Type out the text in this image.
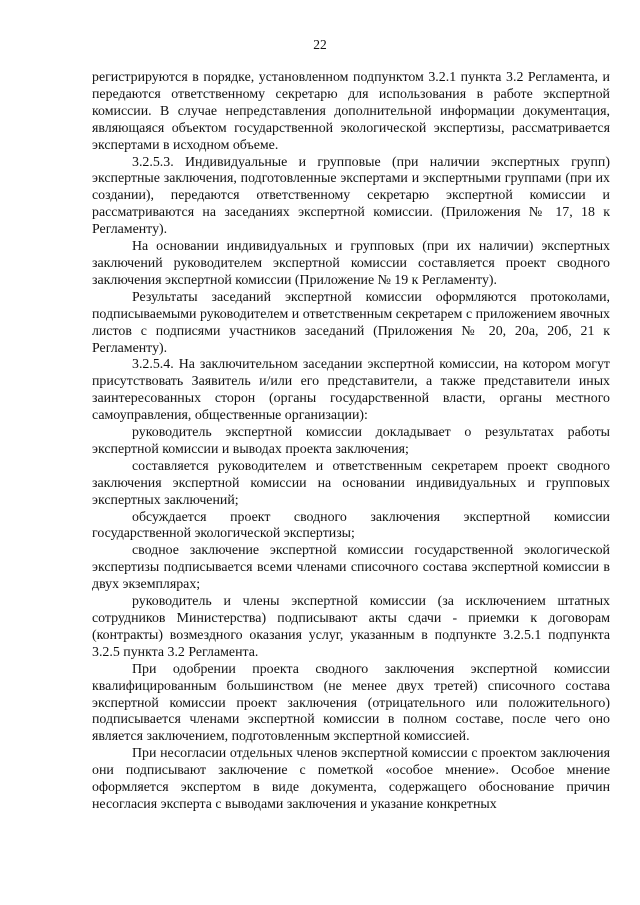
22

регистрируются в порядке, установленном подпунктом 3.2.1 пункта 3.2 Регламента, и передаются ответственному секретарю для использования в работе экспертной комиссии. В случае непредставления дополнительной информации документация, являющаяся объектом государственной экологической экспертизы, рассматривается экспертами в исходном объеме.

3.2.5.3. Индивидуальные и групповые (при наличии экспертных групп) экспертные заключения, подготовленные экспертами и экспертными группами (при их создании), передаются ответственному секретарю экспертной комиссии и рассматриваются на заседаниях экспертной комиссии. (Приложения № 17, 18 к Регламенту).

На основании индивидуальных и групповых (при их наличии) экспертных заключений руководителем экспертной комиссии составляется проект сводного заключения экспертной комиссии (Приложение № 19 к Регламенту).

Результаты заседаний экспертной комиссии оформляются протоколами, подписываемыми руководителем и ответственным секретарем с приложением явочных листов с подписями участников заседаний (Приложения № 20, 20а, 20б, 21 к Регламенту).

3.2.5.4. На заключительном заседании экспертной комиссии, на котором могут присутствовать Заявитель и/или его представители, а также представители иных заинтересованных сторон (органы государственной власти, органы местного самоуправления, общественные организации):

руководитель экспертной комиссии докладывает о результатах работы экспертной комиссии и выводах проекта заключения;

составляется руководителем и ответственным секретарем проект сводного заключения экспертной комиссии на основании индивидуальных и групповых экспертных заключений;

обсуждается проект сводного заключения экспертной комиссии государственной экологической экспертизы;

сводное заключение экспертной комиссии государственной экологической экспертизы подписывается всеми членами списочного состава экспертной комиссии в двух экземплярах;

руководитель и члены экспертной комиссии (за исключением штатных сотрудников Министерства) подписывают акты сдачи - приемки к договорам (контракты) возмездного оказания услуг, указанным в подпункте 3.2.5.1 подпункта 3.2.5 пункта 3.2 Регламента.

При одобрении проекта сводного заключения экспертной комиссии квалифицированным большинством (не менее двух третей) списочного состава экспертной комиссии проект заключения (отрицательного или положительного) подписывается членами экспертной комиссии в полном составе, после чего оно является заключением, подготовленным экспертной комиссией.

При несогласии отдельных членов экспертной комиссии с проектом заключения они подписывают заключение с пометкой «особое мнение». Особое мнение оформляется экспертом в виде документа, содержащего обоснование причин несогласия эксперта с выводами заключения и указание конкретных
